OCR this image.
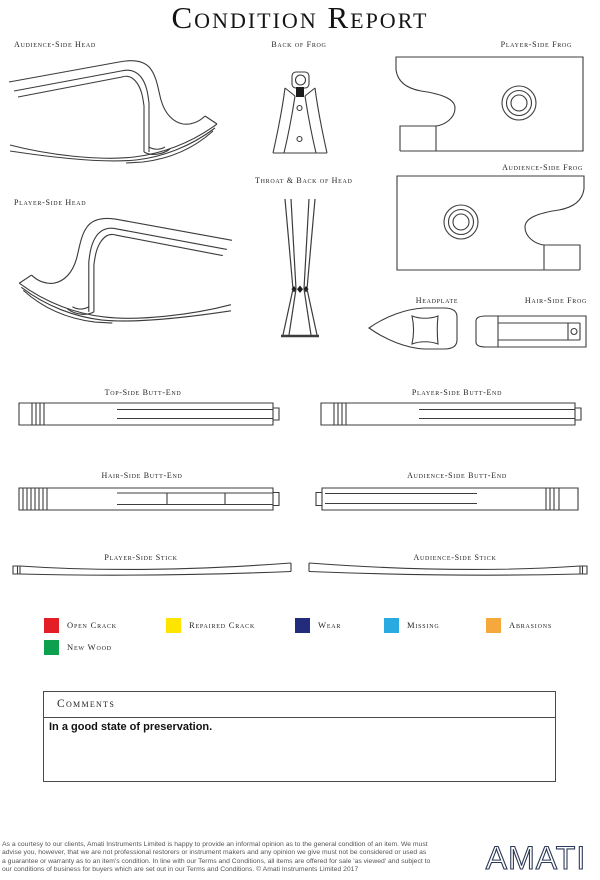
Condition Report
Audience-Side Head	Back of Frog	Player-Side Frog
Audience-Side Frog
Player-Side Head
Throat & Back of Head
Headplate	Hair-Side Frog
Top-Side Butt-End	Player-Side Butt-End
Hair-Side Butt-End	Audience-Side Butt-End
Player-Side Stick	Audience-Side Stick
Open Crack	Repaired Crack	Wear	Missing	Abrasions
New Wood
Comments
In a good state of preservation.
As a courtesy to our clients, Amati Instruments Limited is happy to provide an informal opinion as to the general condition of an item. We must
advise you, however, that we are not professional restorers or instrument makers and any opinion we give must not be considered or used as
a guarantee or warranty as to an item's condition. In line with our Terms and Conditions, all items are offered for sale 'as viewed' and subject to
our conditions of business for buyers which are set out in our Terms and Conditions. © Amati Instruments Limited 2017	AMATI
